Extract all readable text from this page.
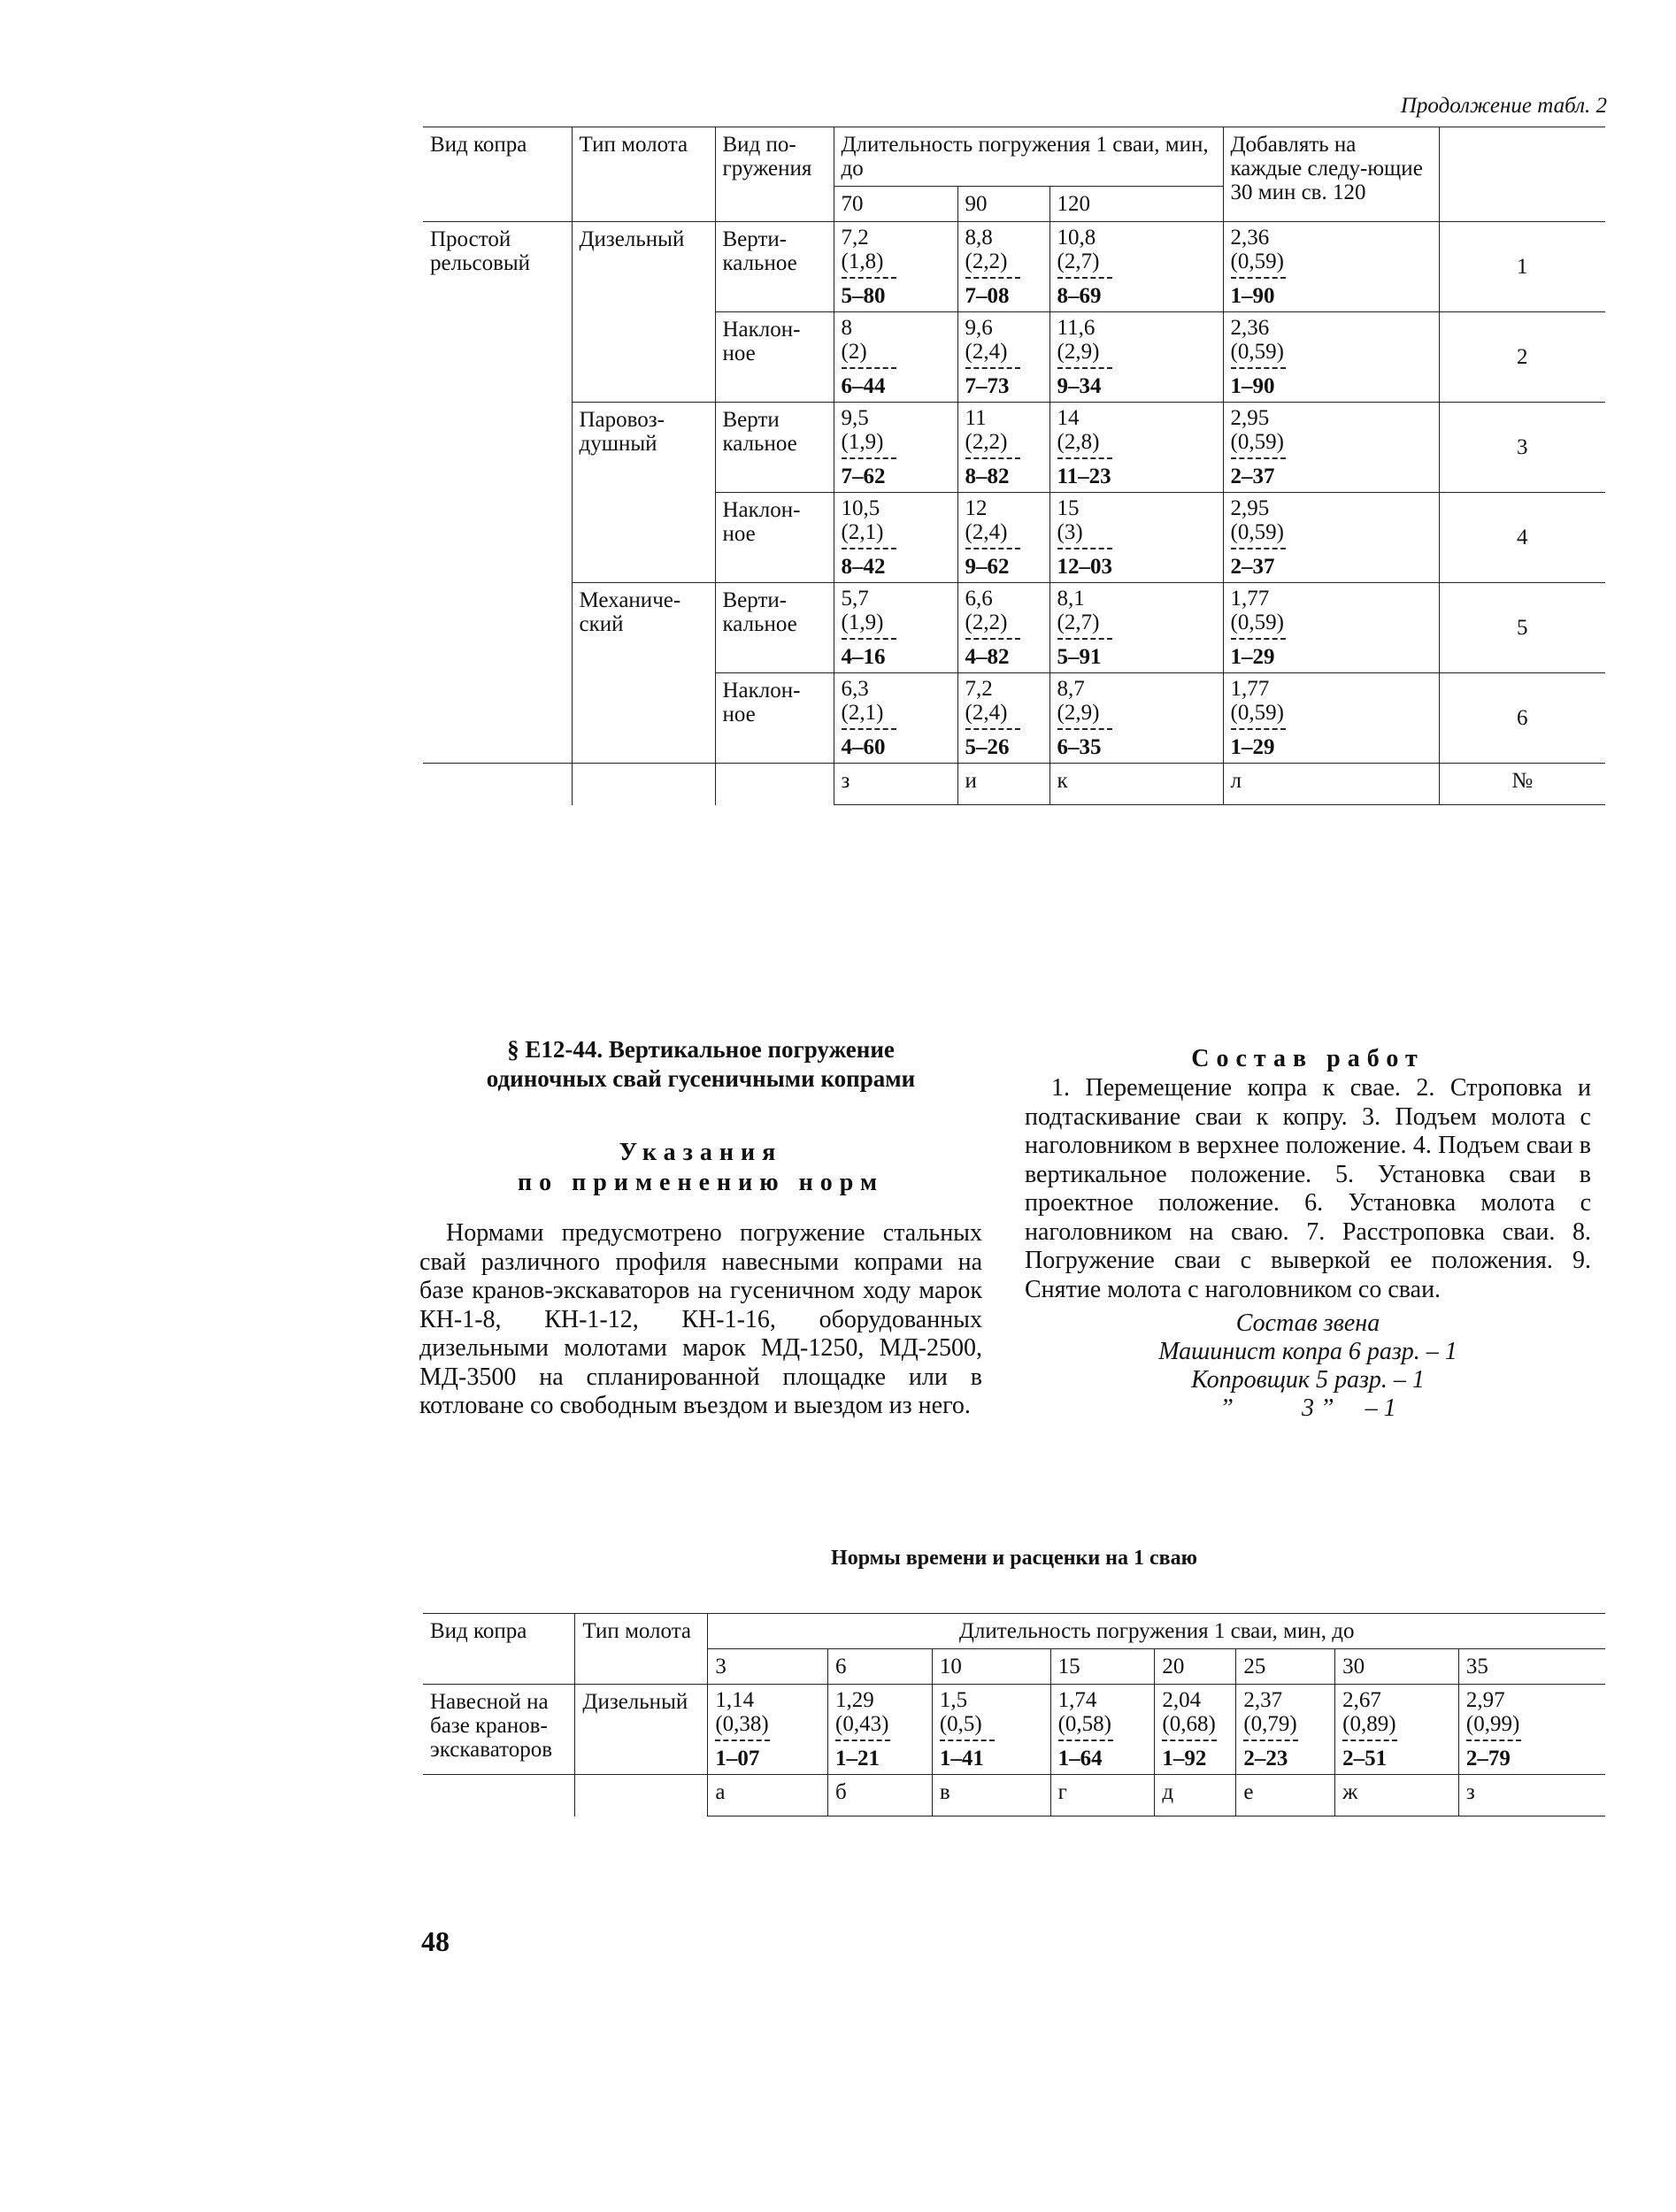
Продолжение табл. 2
Вид копра	Тип молота	Вид по-гружения	Длительность погружения 1 сваи, мин, до			Добавлять на каждые следу-ющие 30 мин св. 120	
			70	90	120		
Простой рельсовый	Дизельный	Верти-кальное	7,2
(1,8)
5–80	8,8
(2,2)
7–08	10,8
(2,7)
8–69	2,36
(0,59)
1–90	1
		Наклон-ное	8
(2)
6–44	9,6
(2,4)
7–73	11,6
(2,9)
9–34	2,36
(0,59)
1–90	2
	Паровоз-душный	Верти кальное	9,5
(1,9)
7–62	11
(2,2)
8–82	14
(2,8)
11–23	2,95
(0,59)
2–37	3
		Наклон-ное	10,5
(2,1)
8–42	12
(2,4)
9–62	15
(3)
12–03	2,95
(0,59)
2–37	4
	Механиче-ский	Верти-кальное	5,7
(1,9)
4–16	6,6
(2,2)
4–82	8,1
(2,7)
5–91	1,77
(0,59)
1–29	5
		Наклон-ное	6,3
(2,1)
4–60	7,2
(2,4)
5–26	8,7
(2,9)
6–35	1,77
(0,59)
1–29	6
			з	и	к	л	№
§ Е12-44. Вертикальное погружение
одиночных свай гусеничными копрами
Указания
по применению норм

Нормами предусмотрено погружение стальных свай различного профиля навесными копрами на базе кранов-экскаваторов на гусеничном ходу марок КН-1-8, КН-1-12, КН-1-16, оборудованных дизельными молотами марок МД-1250, МД-2500, МД-3500 на спланированной площадке или в котловане со свободным въездом и выездом из него.

Состав работ

1. Перемещение копра к свае. 2. Строповка и подтаскивание сваи к копру. 3. Подъем молота с наголовником в верхнее положение. 4. Подъем сваи в вертикальное положение. 5. Установка сваи в проектное положение. 6. Установка молота с наголовником на сваю. 7. Расстроповка сваи. 8. Погружение сваи с выверкой ее положения. 9. Снятие молота с наголовником со сваи.

Состав звена
Машинист копра 6 разр. – 1
Копровщик 5 разр. – 1
”           3 ”     – 1
Нормы времени и расценки на 1 сваю
Вид копра	Тип молота	Длительность погружения 1 сваи, мин, до							
		3	6	10	15	20	25	30	35
Навесной на базе кранов-экскаваторов	Дизельный	1,14
(0,38)
1–07	1,29
(0,43)
1–21	1,5
(0,5)
1–41	1,74
(0,58)
1–64	2,04
(0,68)
1–92	2,37
(0,79)
2–23	2,67
(0,89)
2–51	2,97
(0,99)
2–79

		а	б	в	г	д	е	ж	з
48
